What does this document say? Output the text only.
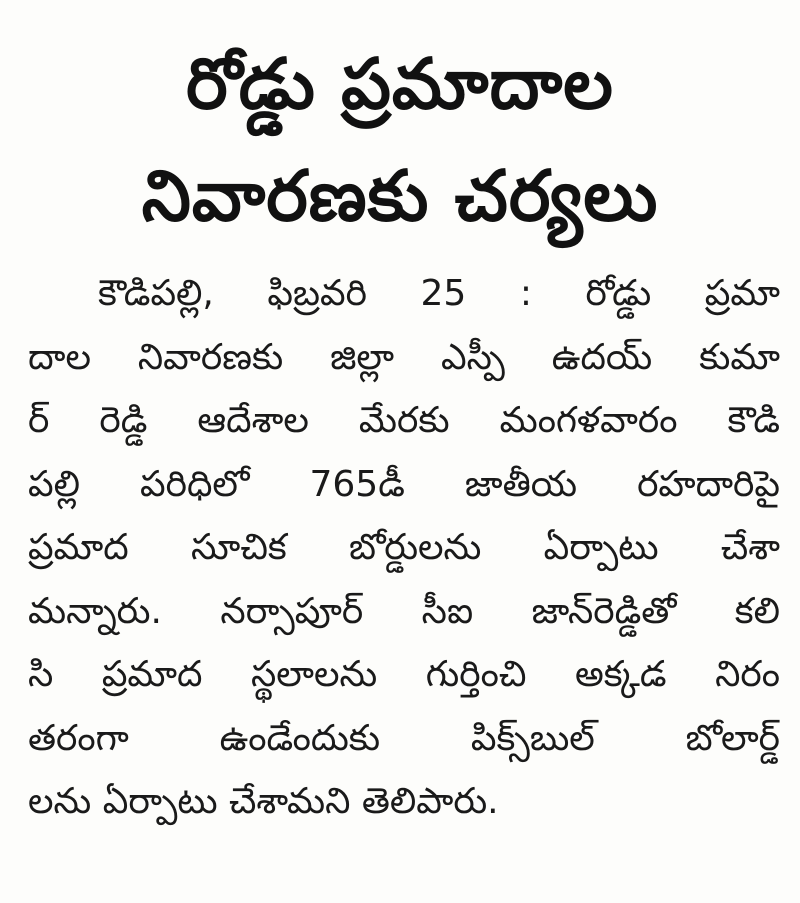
రోడ్డు ప్రమాదాల
నివారణకు చర్యలు
కౌడిపల్లి, ఫిబ్రవరి 25 : రోడ్డు ప్రమా
దాల నివారణకు జిల్లా ఎస్పీ ఉదయ్ కుమా
ర్ రెడ్డి ఆదేశాల మేరకు మంగళవారం కౌడి
పల్లి పరిధిలో 765డీ జాతీయ రహదారిపై
ప్రమాద సూచిక బోర్డులను ఏర్పాటు చేశా
మన్నారు. నర్సాపూర్ సీఐ జాన్‌రెడ్డితో కలి
సి ప్రమాద స్థలాలను గుర్తించి అక్కడ నిరం
తరంగా ఉండేందుకు పిక్స్‌బుల్ బోలార్డ్
లను ఏర్పాటు చేశామని తెలిపారు.
